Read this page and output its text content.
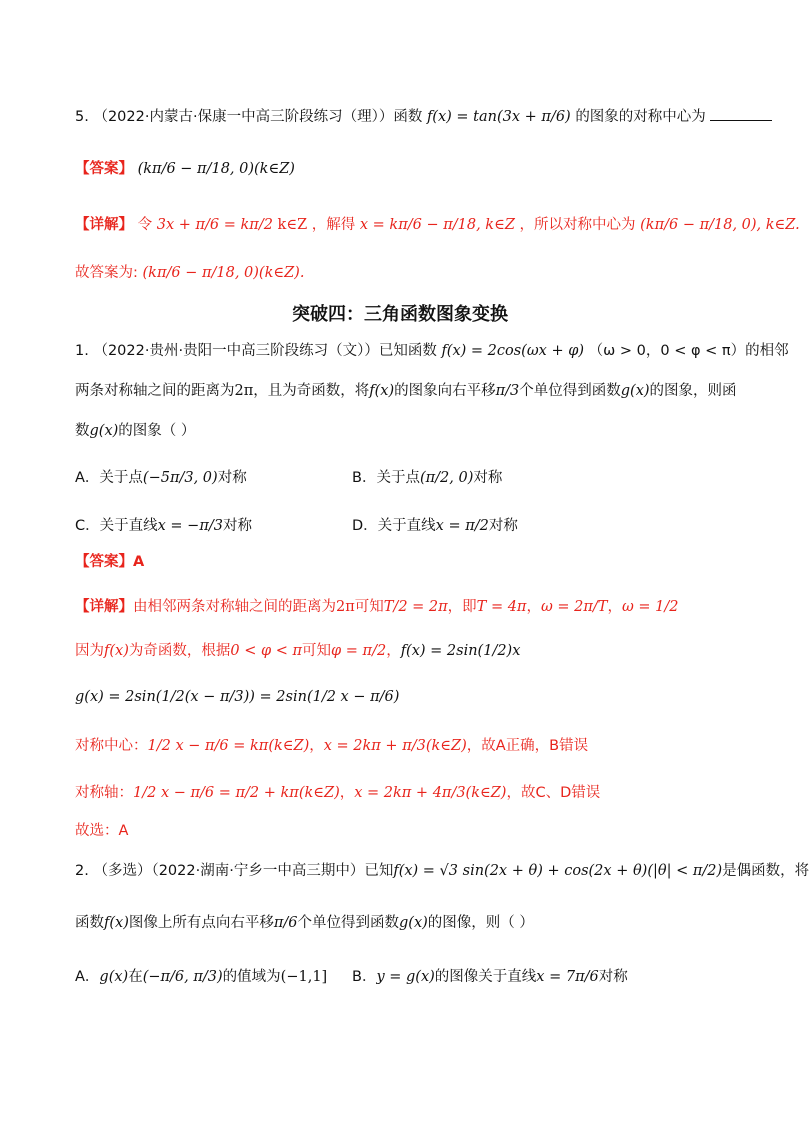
5. （2022·内蒙古·保康一中高三阶段练习（理））函数 f(x) = tan(3x + π/6) 的图象的对称中心为
【答案】 (kπ/6 − π/18, 0)(k∈Z)
【详解】 令 3x + π/6 = kπ/2 k∈Z ，解得 x = kπ/6 − π/18, k∈Z ，所以对称中心为 (kπ/6 − π/18, 0), k∈Z.
故答案为: (kπ/6 − π/18, 0)(k∈Z).
突破四：三角函数图象变换
1. （2022·贵州·贵阳一中高三阶段练习（文））已知函数 f(x) = 2cos(ωx + φ) （ω > 0，0 < φ < π）的相邻
两条对称轴之间的距离为2π，且为奇函数，将f(x)的图象向右平移π/3个单位得到函数g(x)的图象，则函
数g(x)的图象（ ）
A．关于点(−5π/3, 0)对称	B．关于点(π/2, 0)对称
C．关于直线x = −π/3对称	D．关于直线x = π/2对称
【答案】A
【详解】由相邻两条对称轴之间的距离为2π可知T/2 = 2π，即T = 4π，ω = 2π/T，ω = 1/2
因为f(x)为奇函数，根据0 < φ < π可知φ = π/2，f(x) = 2sin(1/2)x
g(x) = 2sin(1/2(x − π/3)) = 2sin(1/2 x − π/6)
对称中心：1/2 x − π/6 = kπ(k∈Z)，x = 2kπ + π/3(k∈Z)，故A正确，B错误
对称轴：1/2 x − π/6 = π/2 + kπ(k∈Z)，x = 2kπ + 4π/3(k∈Z)，故C、D错误
故选：A
2. （多选）（2022·湖南·宁乡一中高三期中）已知f(x) = √3 sin(2x + θ) + cos(2x + θ)(|θ| < π/2)是偶函数，将
函数f(x)图像上所有点向右平移π/6个单位得到函数g(x)的图像，则（ ）
A．g(x)在(−π/6, π/3)的值域为(−1,1] B．y = g(x)的图像关于直线x = 7π/6对称
